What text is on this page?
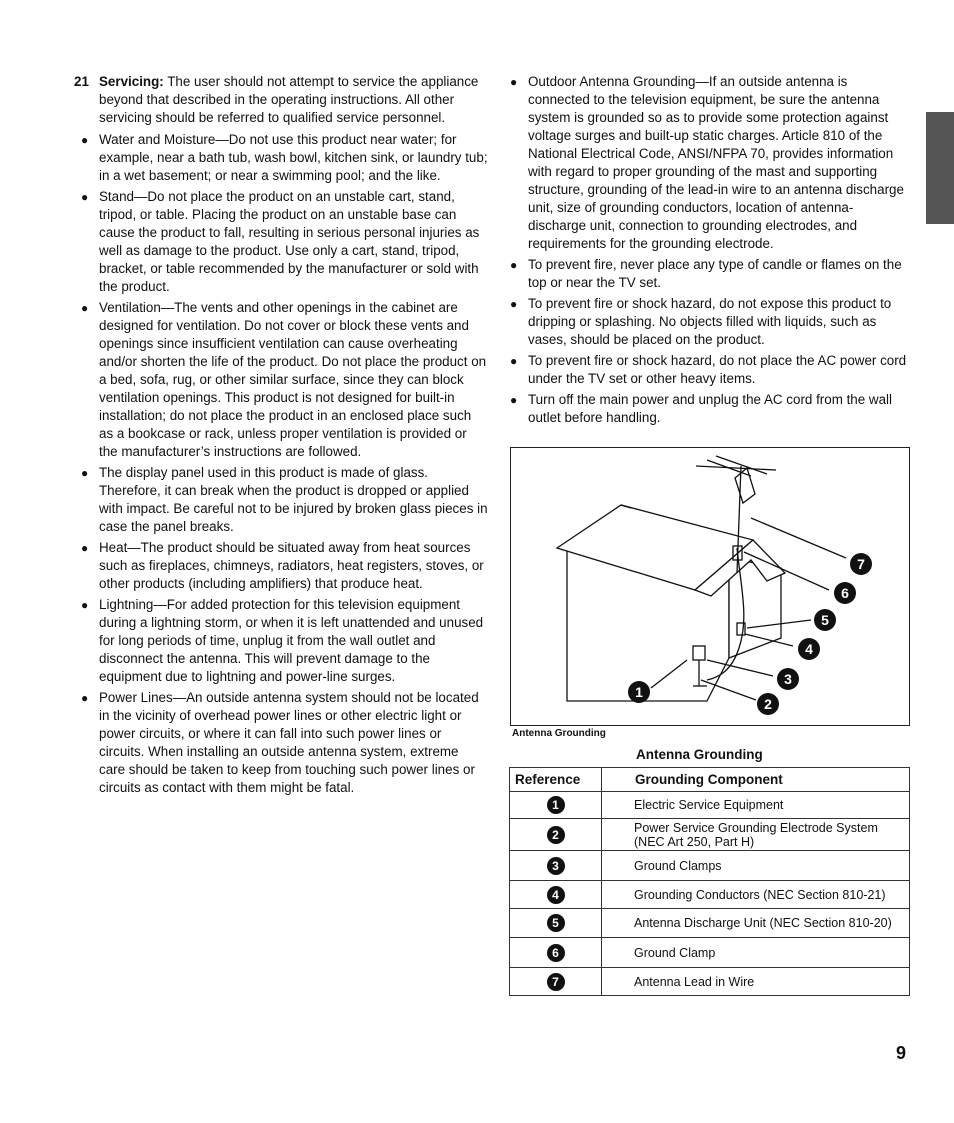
21 Servicing: The user should not attempt to service the appliance beyond that described in the operating instructions. All other servicing should be referred to qualified service personnel.
● Water and Moisture—Do not use this product near water; for example, near a bath tub, wash bowl, kitchen sink, or laundry tub; in a wet basement; or near a swimming pool; and the like.
● Stand—Do not place the product on an unstable cart, stand, tripod, or table. Placing the product on an unstable base can cause the product to fall, resulting in serious personal injuries as well as damage to the product. Use only a cart, stand, tripod, bracket, or table recommended by the manufacturer or sold with the product.
● Ventilation—The vents and other openings in the cabinet are designed for ventilation. Do not cover or block these vents and openings since insufficient ventilation can cause overheating and/or shorten the life of the product. Do not place the product on a bed, sofa, rug, or other similar surface, since they can block ventilation openings. This product is not designed for built-in installation; do not place the product in an enclosed place such as a bookcase or rack, unless proper ventilation is provided or the manufacturer’s instructions are followed.
● The display panel used in this product is made of glass. Therefore, it can break when the product is dropped or applied with impact. Be careful not to be injured by broken glass pieces in case the panel breaks.
● Heat—The product should be situated away from heat sources such as fireplaces, chimneys, radiators, heat registers, stoves, or other products (including amplifiers) that produce heat.
● Lightning—For added protection for this television equipment during a lightning storm, or when it is left unattended and unused for long periods of time, unplug it from the wall outlet and disconnect the antenna. This will prevent damage to the equipment due to lightning and power-line surges.
● Power Lines—An outside antenna system should not be located in the vicinity of overhead power lines or other electric light or power circuits, or where it can fall into such power lines or circuits. When installing an outside antenna system, extreme care should be taken to keep from touching such power lines or circuits as contact with them might be fatal.
● Outdoor Antenna Grounding—If an outside antenna is connected to the television equipment, be sure the antenna system is grounded so as to provide some protection against voltage surges and built-up static charges. Article 810 of the National Electrical Code, ANSI/NFPA 70, provides information with regard to proper grounding of the mast and supporting structure, grounding of the lead-in wire to an antenna discharge unit, size of grounding conductors, location of antenna-discharge unit, connection to grounding electrodes, and requirements for the grounding electrode.
● To prevent fire, never place any type of candle or flames on the top or near the TV set.
● To prevent fire or shock hazard, do not expose this product to dripping or splashing. No objects filled with liquids, such as vases, should be placed on the product.
● To prevent fire or shock hazard, do not place the AC power cord under the TV set or other heavy items.
● Turn off the main power and unplug the AC cord from the wall outlet before handling.
7
6
5
4
3
2
1
Antenna Grounding
Antenna Grounding
Reference	Grounding Component
1	Electric Service Equipment
2	Power Service Grounding Electrode System (NEC Art 250, Part H)
3	Ground Clamps
4	Grounding Conductors (NEC Section 810-21)
5	Antenna Discharge Unit (NEC Section 810-20)
6	Ground Clamp
7	Antenna Lead in Wire
9
